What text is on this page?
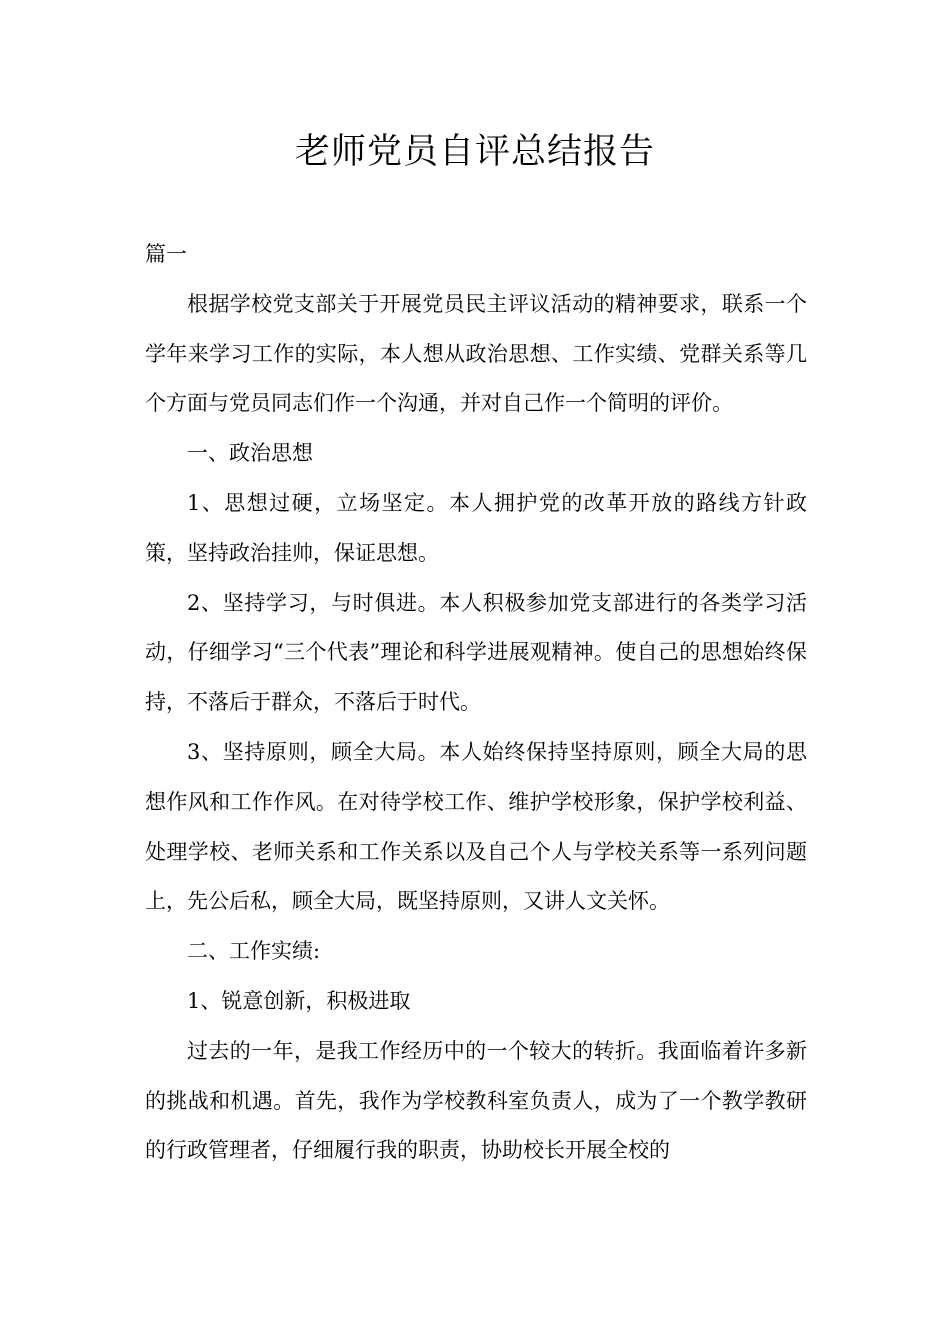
老师党员自评总结报告

篇一

根据学校党支部关于开展党员民主评议活动的精神要求，联系一个学年来学习工作的实际，本人想从政治思想、工作实绩、党群关系等几个方面与党员同志们作一个沟通，并对自己作一个简明的评价。

一、政治思想

1、思想过硬，立场坚定。本人拥护党的改革开放的路线方针政策，坚持政治挂帅，保证思想。

2、坚持学习，与时俱进。本人积极参加党支部进行的各类学习活动，仔细学习“三个代表”理论和科学进展观精神。使自己的思想始终保持，不落后于群众，不落后于时代。

3、坚持原则，顾全大局。本人始终保持坚持原则，顾全大局的思想作风和工作作风。在对待学校工作、维护学校形象，保护学校利益、处理学校、老师关系和工作关系以及自己个人与学校关系等一系列问题上，先公后私，顾全大局，既坚持原则，又讲人文关怀。

二、工作实绩:

1、锐意创新，积极进取

过去的一年，是我工作经历中的一个较大的转折。我面临着许多新的挑战和机遇。首先，我作为学校教科室负责人，成为了一个教学教研的行政管理者，仔细履行我的职责，协助校长开展全校的
